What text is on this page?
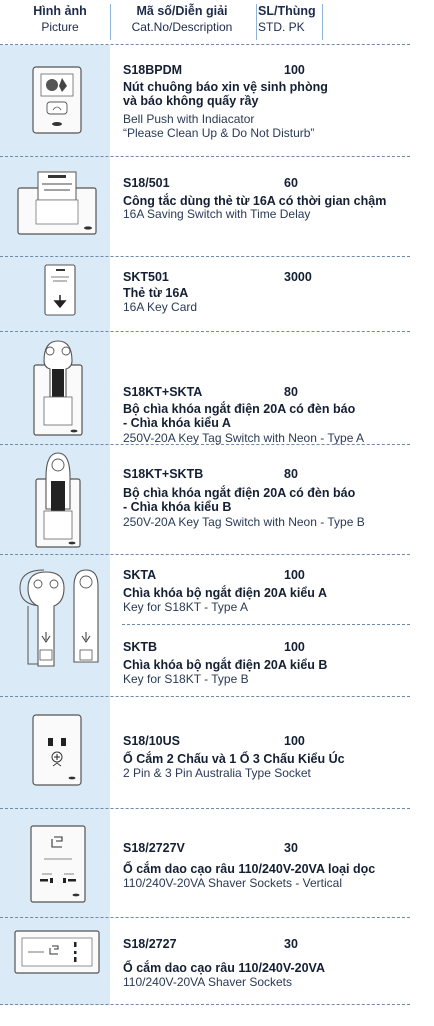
Hình ảnh
Picture
Mã số/Diễn giải
Cat.No/Description
SL/Thùng
STD. PK
S18BPDM	100
Nút chuông báo xin vệ sinh phòng
và báo không quấy rầy
Bell Push with Indiacator
“Please Clean Up & Do Not Disturb”
S18/501	60
Công tắc dùng thẻ từ 16A có thời gian chậm
16A Saving Switch with Time Delay
SKT501	3000
Thẻ từ 16A
16A Key Card
S18KT+SKTA	80
Bộ chìa khóa ngắt điện 20A có đèn báo
- Chìa khóa kiểu A
250V-20A Key Tag Switch with Neon - Type A
S18KT+SKTB	80
Bộ chìa khóa ngắt điện 20A có đèn báo
- Chìa khóa kiểu B
250V-20A Key Tag Switch with Neon - Type B
SKTA	100
Chìa khóa bộ ngắt điện 20A kiểu A
Key for S18KT - Type A
SKTB	100
Chìa khóa bộ ngắt điện 20A kiểu B
Key for S18KT - Type B
S18/10US	100
Ổ Cắm 2 Chấu và 1 Ổ 3 Chấu Kiểu Úc
2 Pin & 3 Pin Australia Type Socket
S18/2727V	30
Ổ cắm dao cạo râu 110/240V-20VA loại dọc
110/240V-20VA Shaver Sockets - Vertical
S18/2727	30
Ổ cắm dao cạo râu 110/240V-20VA
110/240V-20VA Shaver Sockets
